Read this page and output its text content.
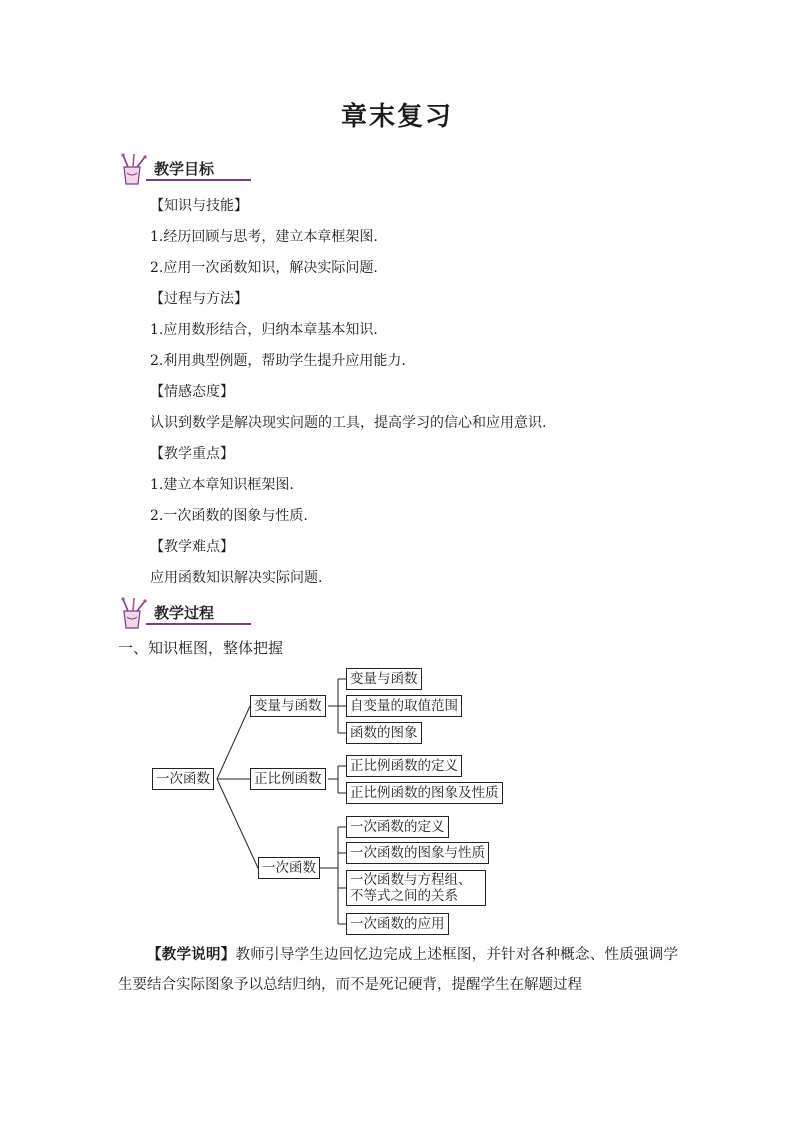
章末复习
教学目标
【知识与技能】
1.经历回顾与思考，建立本章框架图.
2.应用一次函数知识，解决实际问题.
【过程与方法】
1.应用数形结合，归纳本章基本知识.
2.利用典型例题，帮助学生提升应用能力.
【情感态度】
认识到数学是解决现实问题的工具，提高学习的信心和应用意识.
【教学重点】
1.建立本章知识框架图.
2.一次函数的图象与性质.
【教学难点】
应用函数知识解决实际问题.
教学过程
一、知识框图，整体把握
一次函数
变量与函数
正比例函数
一次函数
变量与函数
自变量的取值范围
函数的图象
正比例函数的定义
正比例函数的图象及性质
一次函数的定义
一次函数的图象与性质
一次函数与方程组、不等式之间的关系
一次函数的应用
【教学说明】教师引导学生边回忆边完成上述框图，并针对各种概念、性质强调学生要结合实际图象予以总结归纳，而不是死记硬背，提醒学生在解题过程
